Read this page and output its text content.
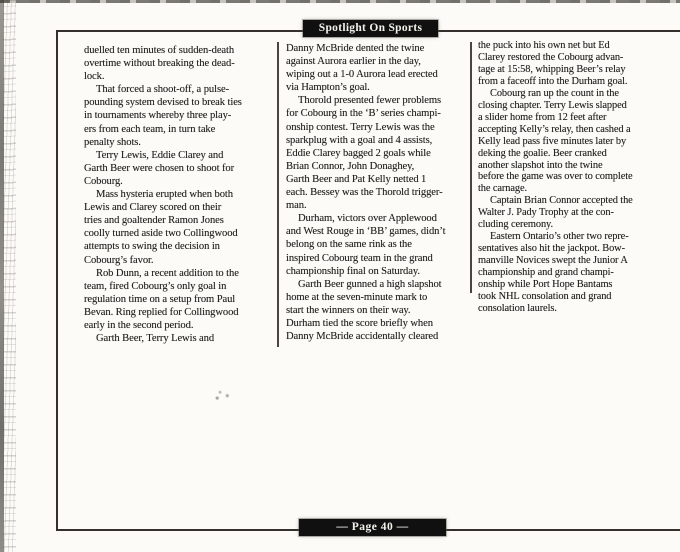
Spotlight On Sports
duelled ten minutes of sudden-death
overtime without breaking the dead-
lock.
That forced a shoot-off, a pulse-
pounding system devised to break ties
in tournaments whereby three play-
ers from each team, in turn take
penalty shots.
Terry Lewis, Eddie Clarey and
Garth Beer were chosen to shoot for
Cobourg.
Mass hysteria erupted when both
Lewis and Clarey scored on their
tries and goaltender Ramon Jones
coolly turned aside two Collingwood
attempts to swing the decision in
Cobourg’s favor.
Rob Dunn, a recent addition to the
team, fired Cobourg’s only goal in
regulation time on a setup from Paul
Bevan. Ring replied for Collingwood
early in the second period.
Garth Beer, Terry Lewis and
Danny McBride dented the twine
against Aurora earlier in the day,
wiping out a 1-0 Aurora lead erected
via Hampton’s goal.
Thorold presented fewer problems
for Cobourg in the ‘B’ series champi-
onship contest. Terry Lewis was the
sparkplug with a goal and 4 assists,
Eddie Clarey bagged 2 goals while
Brian Connor, John Donaghey,
Garth Beer and Pat Kelly netted 1
each. Bessey was the Thorold trigger-
man.
Durham, victors over Applewood
and West Rouge in ‘BB’ games, didn’t
belong on the same rink as the
inspired Cobourg team in the grand
championship final on Saturday.
Garth Beer gunned a high slapshot
home at the seven-minute mark to
start the winners on their way.
Durham tied the score briefly when
Danny McBride accidentally cleared
the puck into his own net but Ed
Clarey restored the Cobourg advan-
tage at 15:58, whipping Beer’s relay
from a faceoff into the Durham goal.
Cobourg ran up the count in the
closing chapter. Terry Lewis slapped
a slider home from 12 feet after
accepting Kelly’s relay, then cashed a
Kelly lead pass five minutes later by
deking the goalie. Beer cranked
another slapshot into the twine
before the game was over to complete
the carnage.
Captain Brian Connor accepted the
Walter J. Pady Trophy at the con-
cluding ceremony.
Eastern Ontario’s other two repre-
sentatives also hit the jackpot. Bow-
manville Novices swept the Junior A
championship and grand champi-
onship while Port Hope Bantams
took NHL consolation and grand
consolation laurels.
— Page 40 —
